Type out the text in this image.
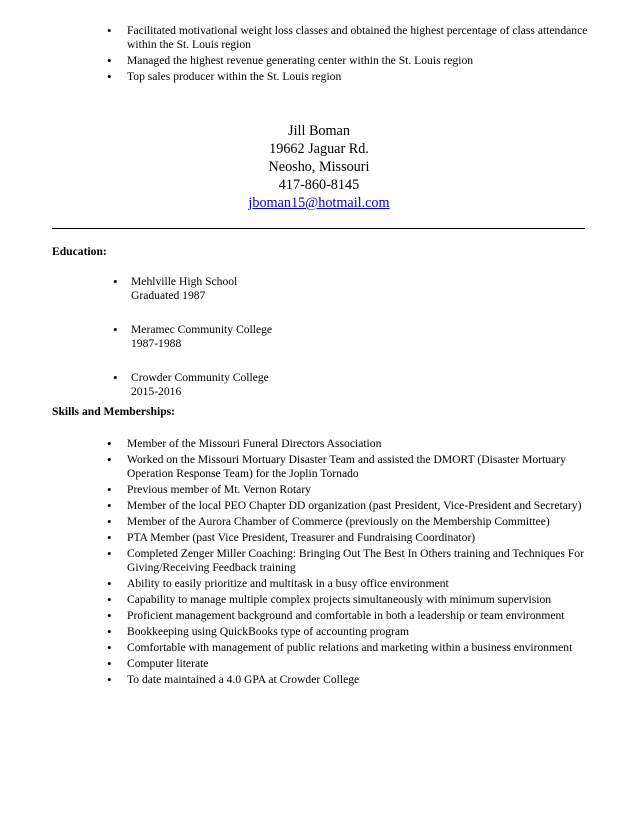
• Facilitated motivational weight loss classes and obtained the highest percentage of class attendance within the St. Louis region
• Managed the highest revenue generating center within the St. Louis region
• Top sales producer within the St. Louis region
Jill Boman
19662 Jaguar Rd.
Neosho, Missouri
417-860-8145
jboman15@hotmail.com
Education:
• Mehlville High School
Graduated 1987
• Meramec Community College
1987-1988
• Crowder Community College
2015-2016
Skills and Memberships:
• Member of the Missouri Funeral Directors Association
• Worked on the Missouri Mortuary Disaster Team and assisted the DMORT (Disaster Mortuary Operation Response Team) for the Joplin Tornado
• Previous member of Mt. Vernon Rotary
• Member of the local PEO Chapter DD organization (past President, Vice-President and Secretary)
• Member of the Aurora Chamber of Commerce (previously on the Membership Committee)
• PTA Member (past Vice President, Treasurer and Fundraising Coordinator)
• Completed Zenger Miller Coaching: Bringing Out The Best In Others training and Techniques For Giving/Receiving Feedback training
• Ability to easily prioritize and multitask in a busy office environment
• Capability to manage multiple complex projects simultaneously with minimum supervision
• Proficient management background and comfortable in both a leadership or team environment
• Bookkeeping using QuickBooks type of accounting program
• Comfortable with management of public relations and marketing within a business environment
• Computer literate
• To date maintained a 4.0 GPA at Crowder College
